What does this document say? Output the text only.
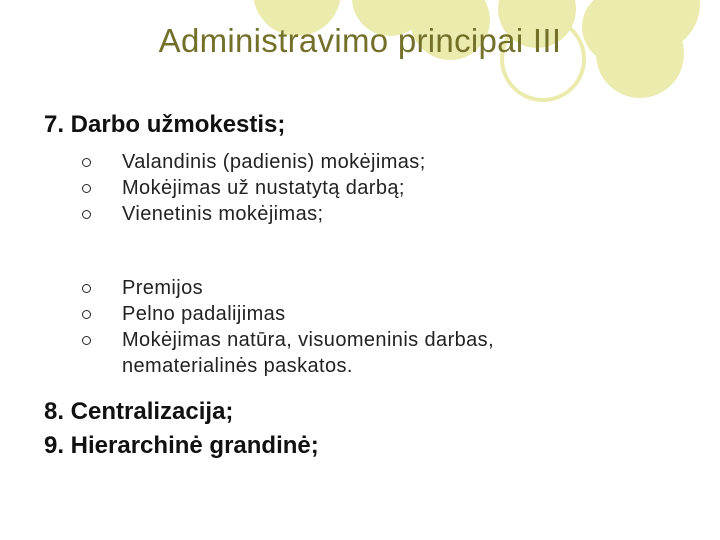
Administravimo principai III
7. Darbo užmokestis;
Valandinis (padienis) mokėjimas;
Mokėjimas už nustatytą darbą;
Vienetinis mokėjimas;
Premijos
Pelno padalijimas
Mokėjimas natūra, visuomeninis darbas,
nematerialinės paskatos.
8. Centralizacija;
9. Hierarchinė grandinė;
